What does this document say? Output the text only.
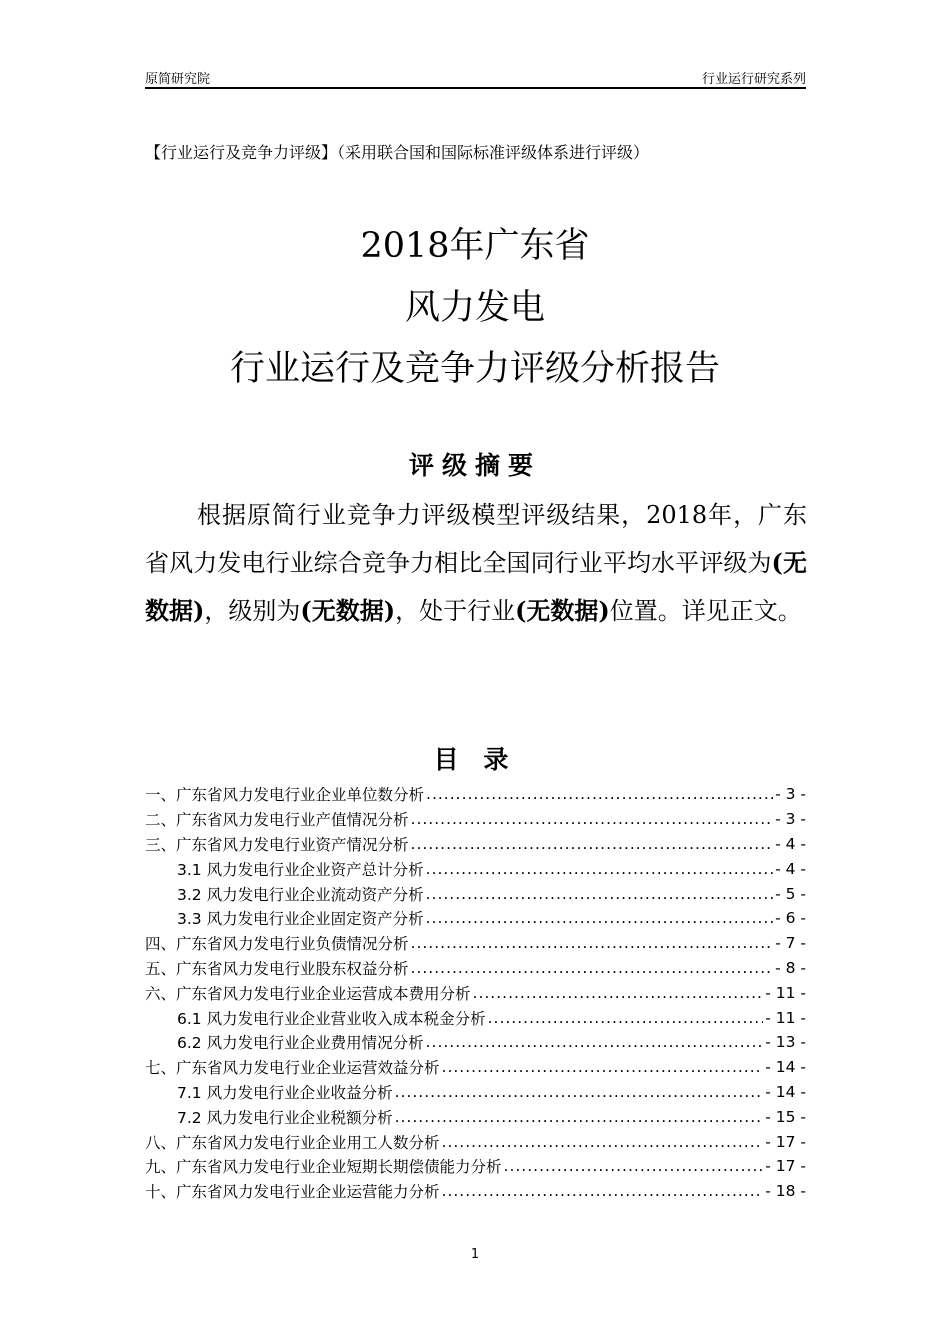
原简研究院	行业运行研究系列
【行业运行及竞争力评级】（采用联合国和国际标准评级体系进行评级）
2018年广东省
风力发电
行业运行及竞争力评级分析报告
评级摘要
根据原简行业竞争力评级模型评级结果，2018年，广东省风力发电行业综合竞争力相比全国同行业平均水平评级为(无数据)，级别为(无数据)，处于行业(无数据)位置。详见正文。
目 录
一、广东省风力发电行业企业单位数分析 .....	- 3 -
二、广东省风力发电行业产值情况分析 .....	- 3 -
三、广东省风力发电行业资产情况分析 .....	- 4 -
3.1 风力发电行业企业资产总计分析 .....	- 4 -
3.2 风力发电行业企业流动资产分析 .....	- 5 -
3.3 风力发电行业企业固定资产分析 .....	- 6 -
四、广东省风力发电行业负债情况分析 .....	- 7 -
五、广东省风力发电行业股东权益分析 .....	- 8 -
六、广东省风力发电行业企业运营成本费用分析 .....	- 11 -
6.1 风力发电行业企业营业收入成本税金分析 .....	- 11 -
6.2 风力发电行业企业费用情况分析 .....	- 13 -
七、广东省风力发电行业企业运营效益分析 .....	- 14 -
7.1 风力发电行业企业收益分析 .....	- 14 -
7.2 风力发电行业企业税额分析 .....	- 15 -
八、广东省风力发电行业企业用工人数分析 .....	- 17 -
九、广东省风力发电行业企业短期长期偿债能力分析 .....	- 17 -
十、广东省风力发电行业企业运营能力分析 .....	- 18 -
1
